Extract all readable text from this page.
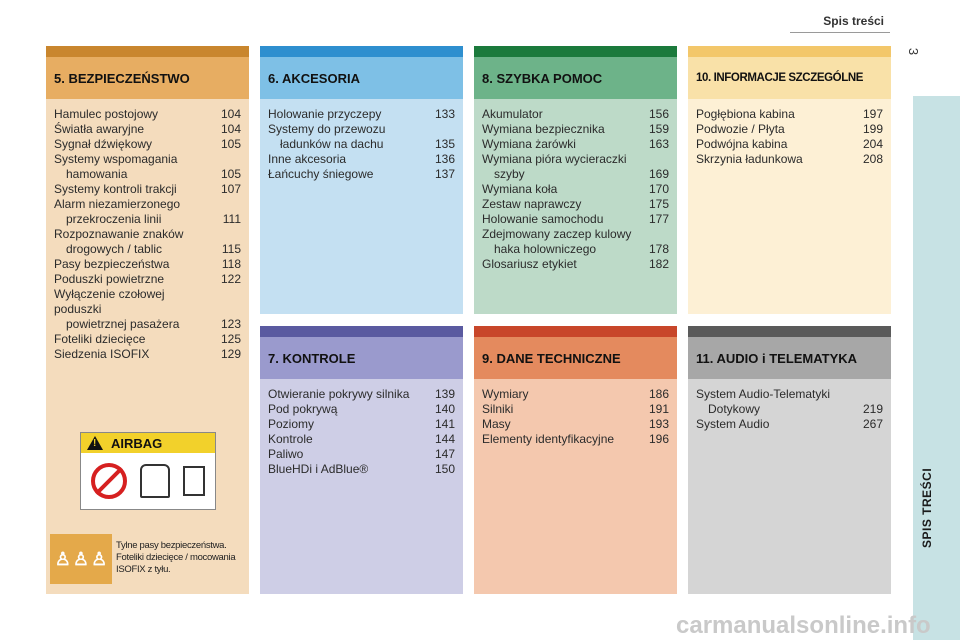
Spis treści
3
SPIS TREŚCI
5. BEZPIECZEŃSTWO
Hamulec postojowy	104
Światła awaryjne	104
Sygnał dźwiękowy	105
Systemy wspomagania
hamowania	105
Systemy kontroli trakcji	107
Alarm niezamierzonego
przekroczenia linii	111
Rozpoznawanie znaków
drogowych / tablic	115
Pasy bezpieczeństwa	118
Poduszki powietrzne	122
Wyłączenie czołowej poduszki
powietrznej pasażera	123
Foteliki dziecięce	125
Siedzenia ISOFIX	129
6. AKCESORIA
Holowanie przyczepy	133
Systemy do przewozu
ładunków na dachu	135
Inne akcesoria	136
Łańcuchy śniegowe	137
8. SZYBKA POMOC
Akumulator	156
Wymiana bezpiecznika	159
Wymiana żarówki	163
Wymiana pióra wycieraczki
szyby	169
Wymiana koła	170
Zestaw naprawczy	175
Holowanie samochodu	177
Zdejmowany zaczep kulowy
haka holowniczego	178
Glosariusz etykiet	182
10. INFORMACJE SZCZEGÓLNE
Pogłębiona kabina	197
Podwozie / Płyta	199
Podwójna kabina	204
Skrzynia ładunkowa	208
7. KONTROLE
Otwieranie pokrywy silnika	139
Pod pokrywą	140
Poziomy	141
Kontrole	144
Paliwo	147
BlueHDi i AdBlue®	150
9. DANE TECHNICZNE
Wymiary	186
Silniki	191
Masy	193
Elementy identyfikacyjne	196
11. AUDIO i TELEMATYKA
System Audio-Telematyki
Dotykowy	219
System Audio	267
! AIRBAG
♙ ♙ ♙
Tylne pasy bezpieczeństwa. Foteliki dziecięce / mocowania ISOFIX z tyłu.
carmanualsonline.info
